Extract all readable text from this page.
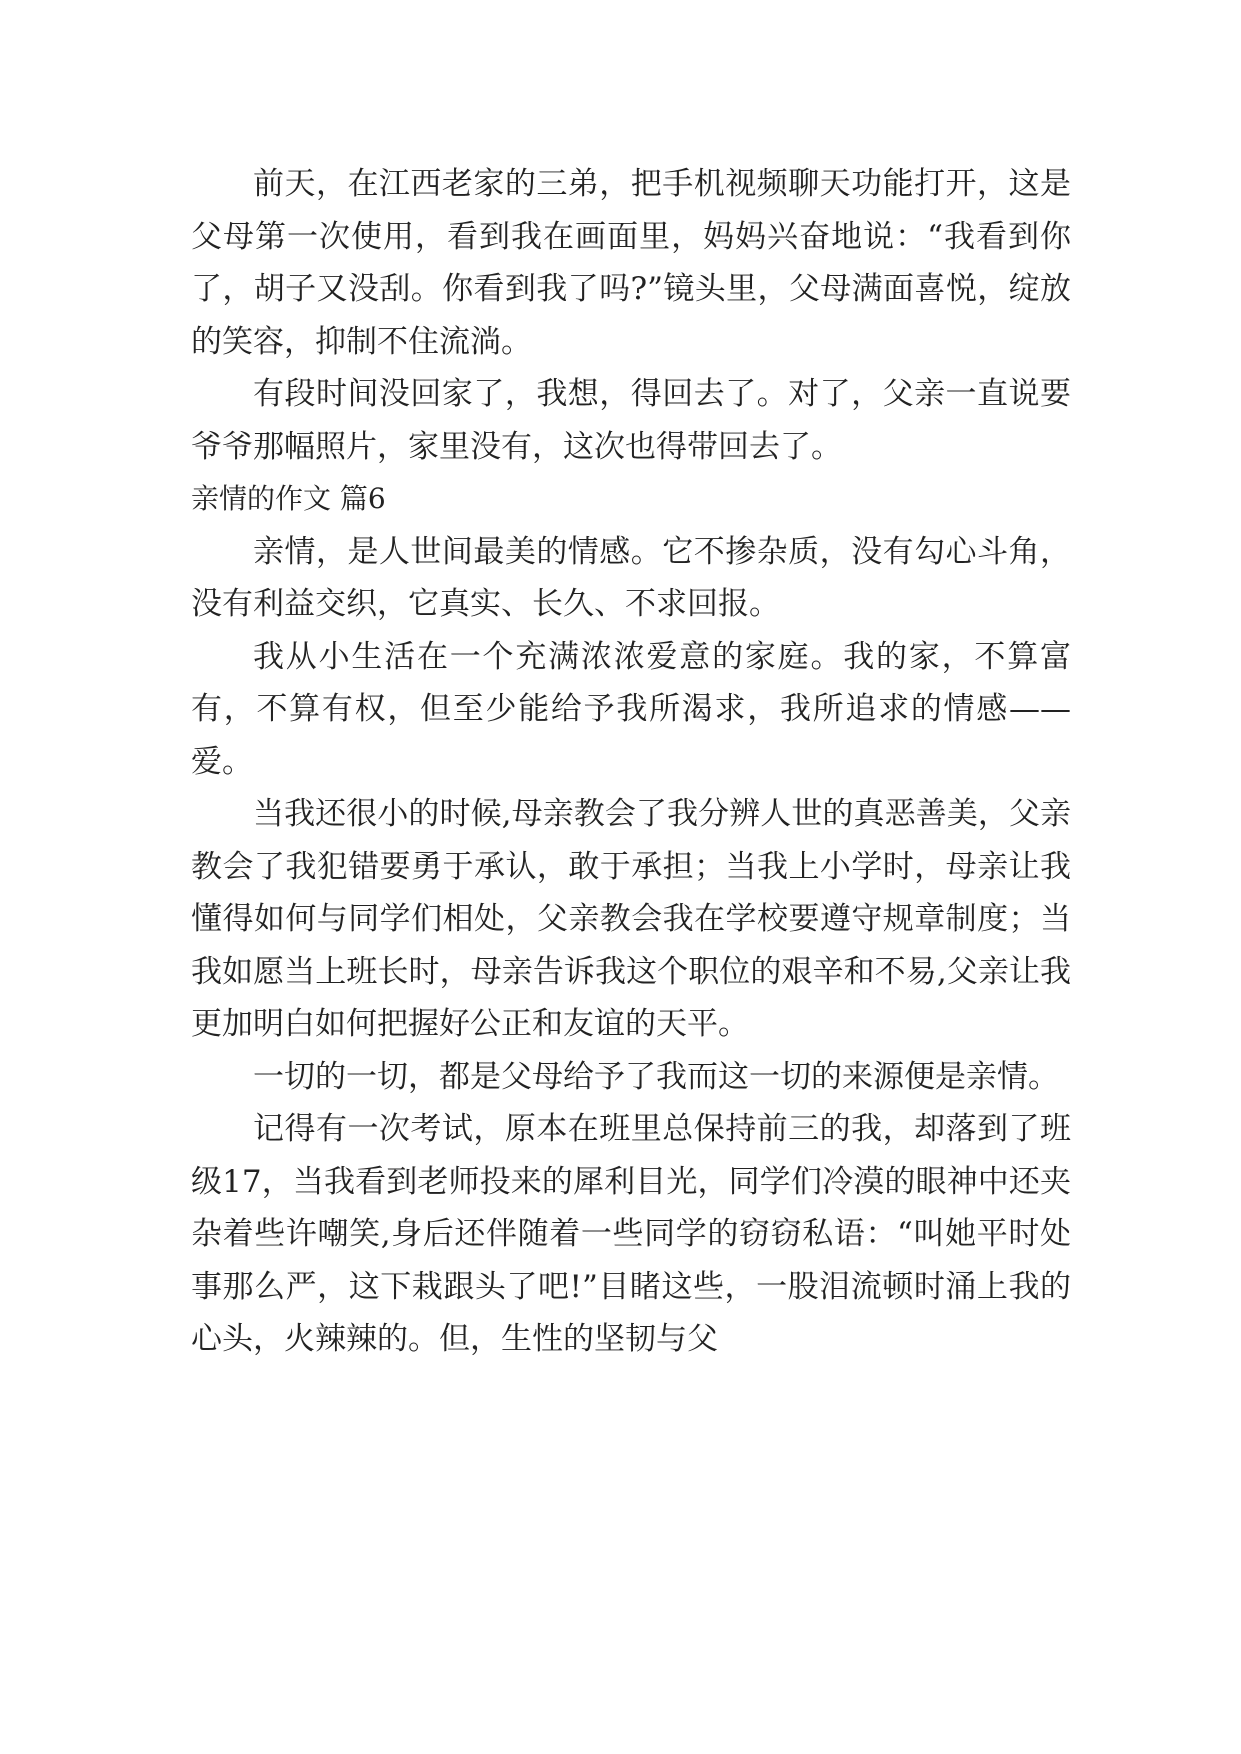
前天，在江西老家的三弟，把手机视频聊天功能打开，这是父母第一次使用，看到我在画面里，妈妈兴奋地说：“我看到你了，胡子又没刮。你看到我了吗?”镜头里，父母满面喜悦，绽放的笑容，抑制不住流淌。

有段时间没回家了，我想，得回去了。对了，父亲一直说要爷爷那幅照片，家里没有，这次也得带回去了。

亲情的作文 篇6

亲情，是人世间最美的情感。它不掺杂质，没有勾心斗角，没有利益交织，它真实、长久、不求回报。

我从小生活在一个充满浓浓爱意的家庭。我的家，不算富有，不算有权，但至少能给予我所渴求，我所追求的情感——爱。

当我还很小的时候,母亲教会了我分辨人世的真恶善美，父亲教会了我犯错要勇于承认，敢于承担；当我上小学时，母亲让我懂得如何与同学们相处，父亲教会我在学校要遵守规章制度；当我如愿当上班长时，母亲告诉我这个职位的艰辛和不易,父亲让我更加明白如何把握好公正和友谊的天平。

一切的一切，都是父母给予了我而这一切的来源便是亲情。

记得有一次考试，原本在班里总保持前三的我，却落到了班级17，当我看到老师投来的犀利目光，同学们冷漠的眼神中还夹杂着些许嘲笑,身后还伴随着一些同学的窃窃私语：“叫她平时处事那么严，这下栽跟头了吧!”目睹这些，一股泪流顿时涌上我的心头，火辣辣的。但，生性的坚韧与父
